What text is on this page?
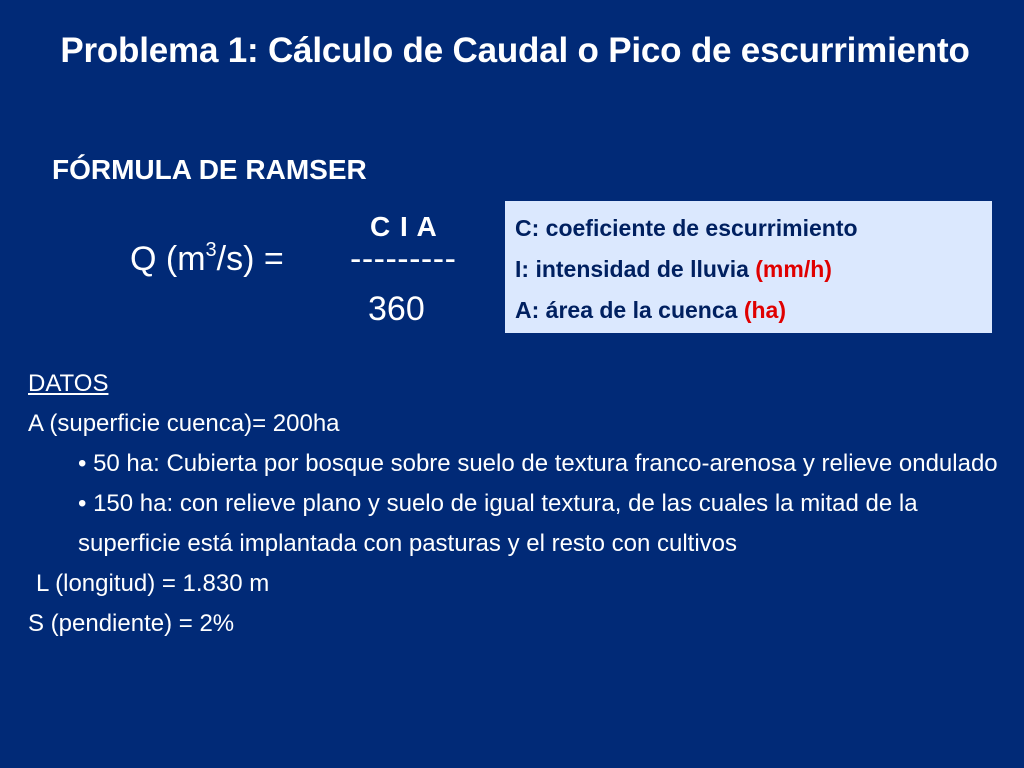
Problema 1: Cálculo de Caudal o Pico de escurrimiento
FÓRMULA DE RAMSER
C I A
Q $(m^3/s)$ = ---------
360
C: coeficiente de escurrimiento
I: intensidad de lluvia (mm/h)
A: área de la cuenca (ha)
DATOS
A (superficie cuenca)= 200ha
• 50 ha: Cubierta por bosque sobre suelo de textura franco-arenosa y relieve ondulado
• 150 ha: con relieve plano y suelo de igual textura, de las cuales la mitad de la superficie está implantada con pasturas y el resto con cultivos
L (longitud) = 1.830 m
S (pendiente) = 2%
